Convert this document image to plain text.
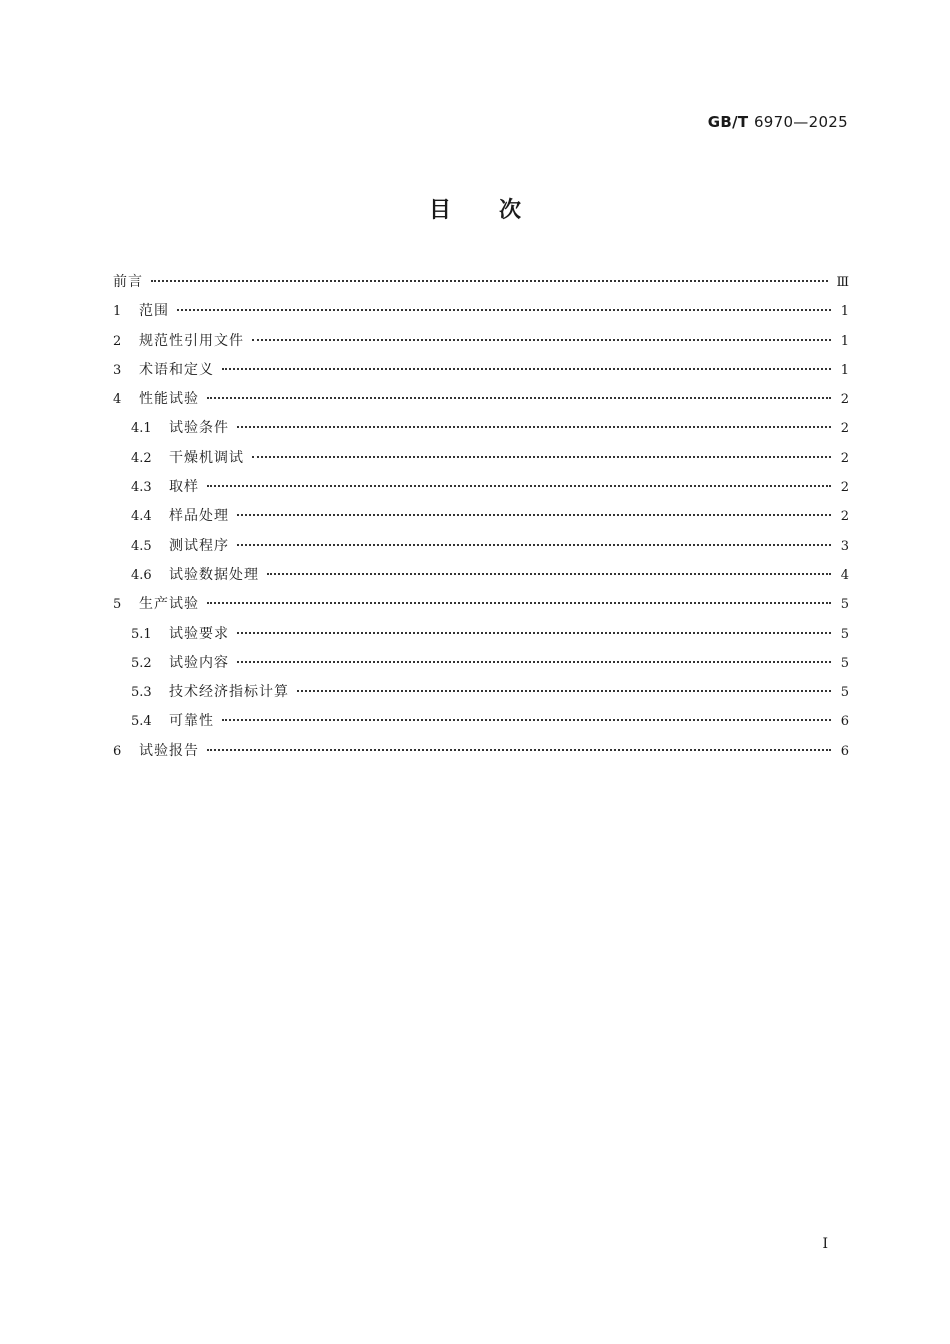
GB/T 6970—2025
目次
前言	Ⅲ
1	范围	1
2	规范性引用文件	1
3	术语和定义	1
4	性能试验	2
4.1	试验条件	2
4.2	干燥机调试	2
4.3	取样	2
4.4	样品处理	2
4.5	测试程序	3
4.6	试验数据处理	4
5	生产试验	5
5.1	试验要求	5
5.2	试验内容	5
5.3	技术经济指标计算	5
5.4	可靠性	6
6	试验报告	6
Ⅰ
